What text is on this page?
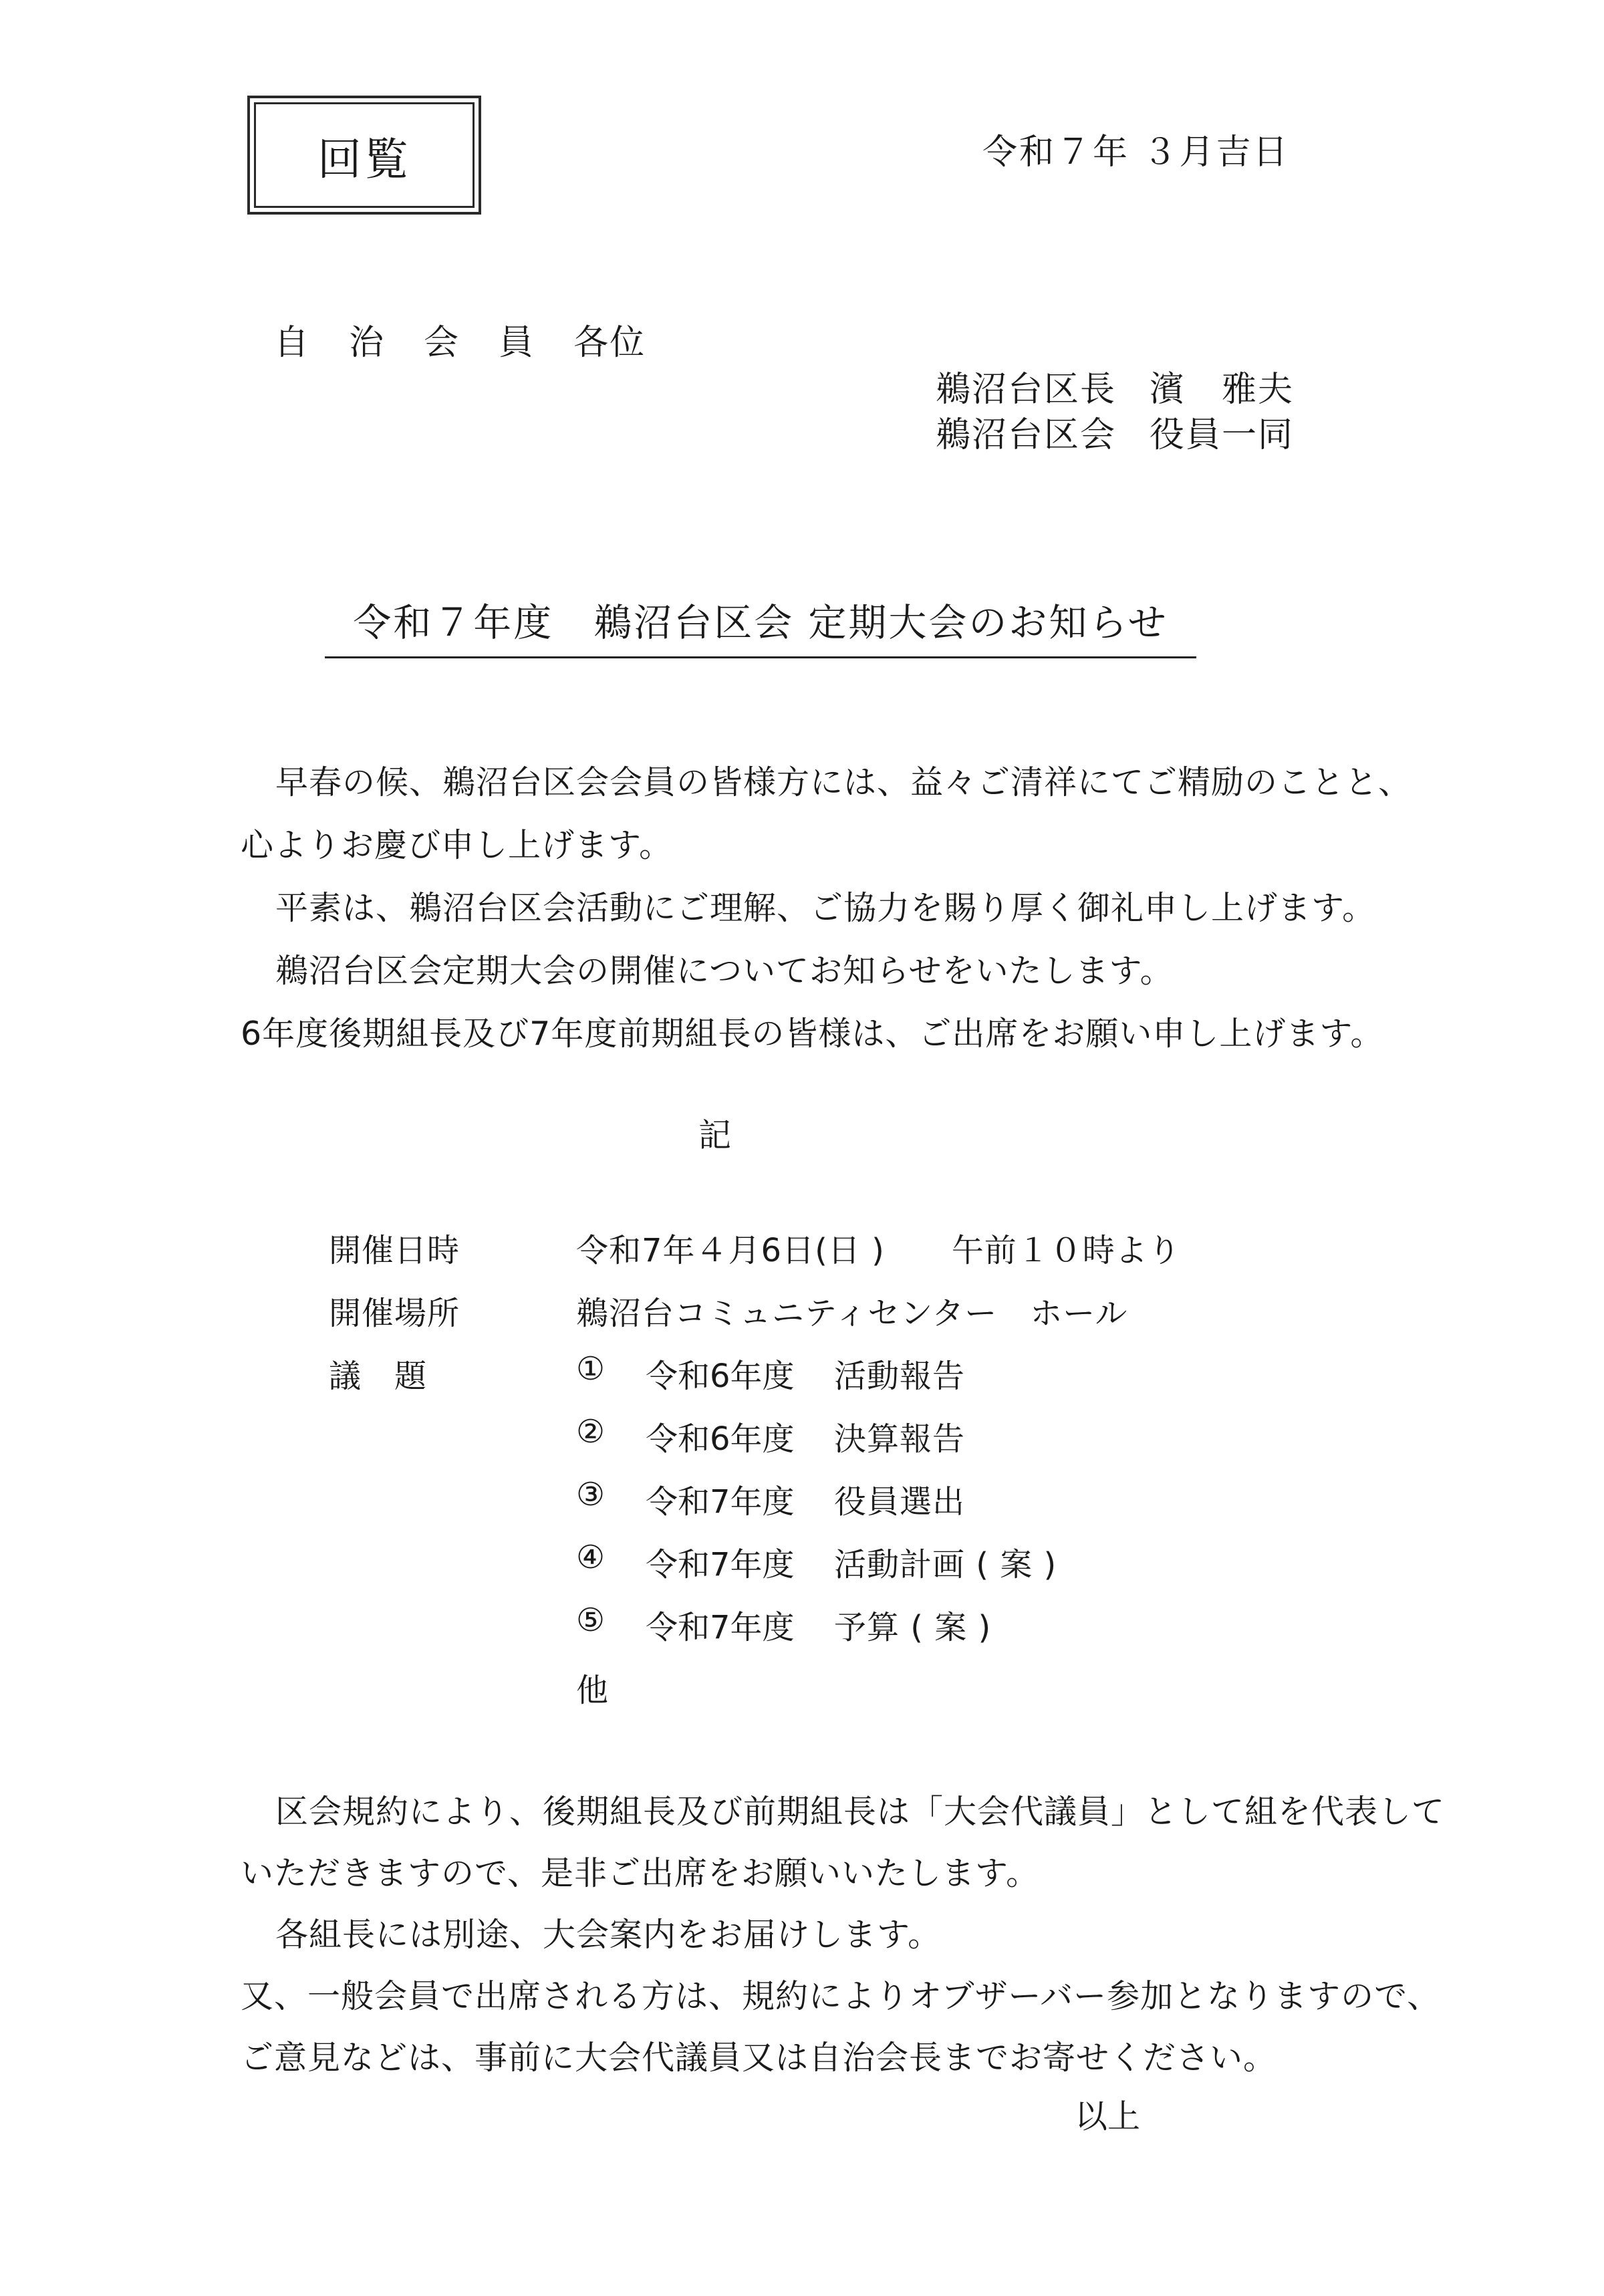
回覧	令和７年 ３月吉日
自 治 会 員 各位
鵜沼台区長 濱　雅夫
鵜沼台区会 役員一同
令和７年度 鵜沼台区会 定期大会のお知らせ
早春の候、鵜沼台区会会員の皆様方には、益々ご清祥にてご精励のことと、
心よりお慶び申し上げます。
平素は、鵜沼台区会活動にご理解、ご協力を賜り厚く御礼申し上げます。
鵜沼台区会定期大会の開催についてお知らせをいたします。
6年度後期組長及び7年度前期組長の皆様は、ご出席をお願い申し上げます。
記
開催日時	令和7年４月6日(日 ) 午前１０時より
開催場所	鵜沼台コミュニティセンター　ホール
議　題	① 令和6年度 活動報告
② 令和6年度 決算報告
③ 令和7年度 役員選出
④ 令和7年度 活動計画 ( 案 )
⑤ 令和7年度 予算 ( 案 )
他
区会規約により、後期組長及び前期組長は「大会代議員」として組を代表して
いただきますので、是非ご出席をお願いいたします。
各組長には別途、大会案内をお届けします。
又、一般会員で出席される方は、規約によりオブザーバー参加となりますので、
ご意見などは、事前に大会代議員又は自治会長までお寄せください。
以上
